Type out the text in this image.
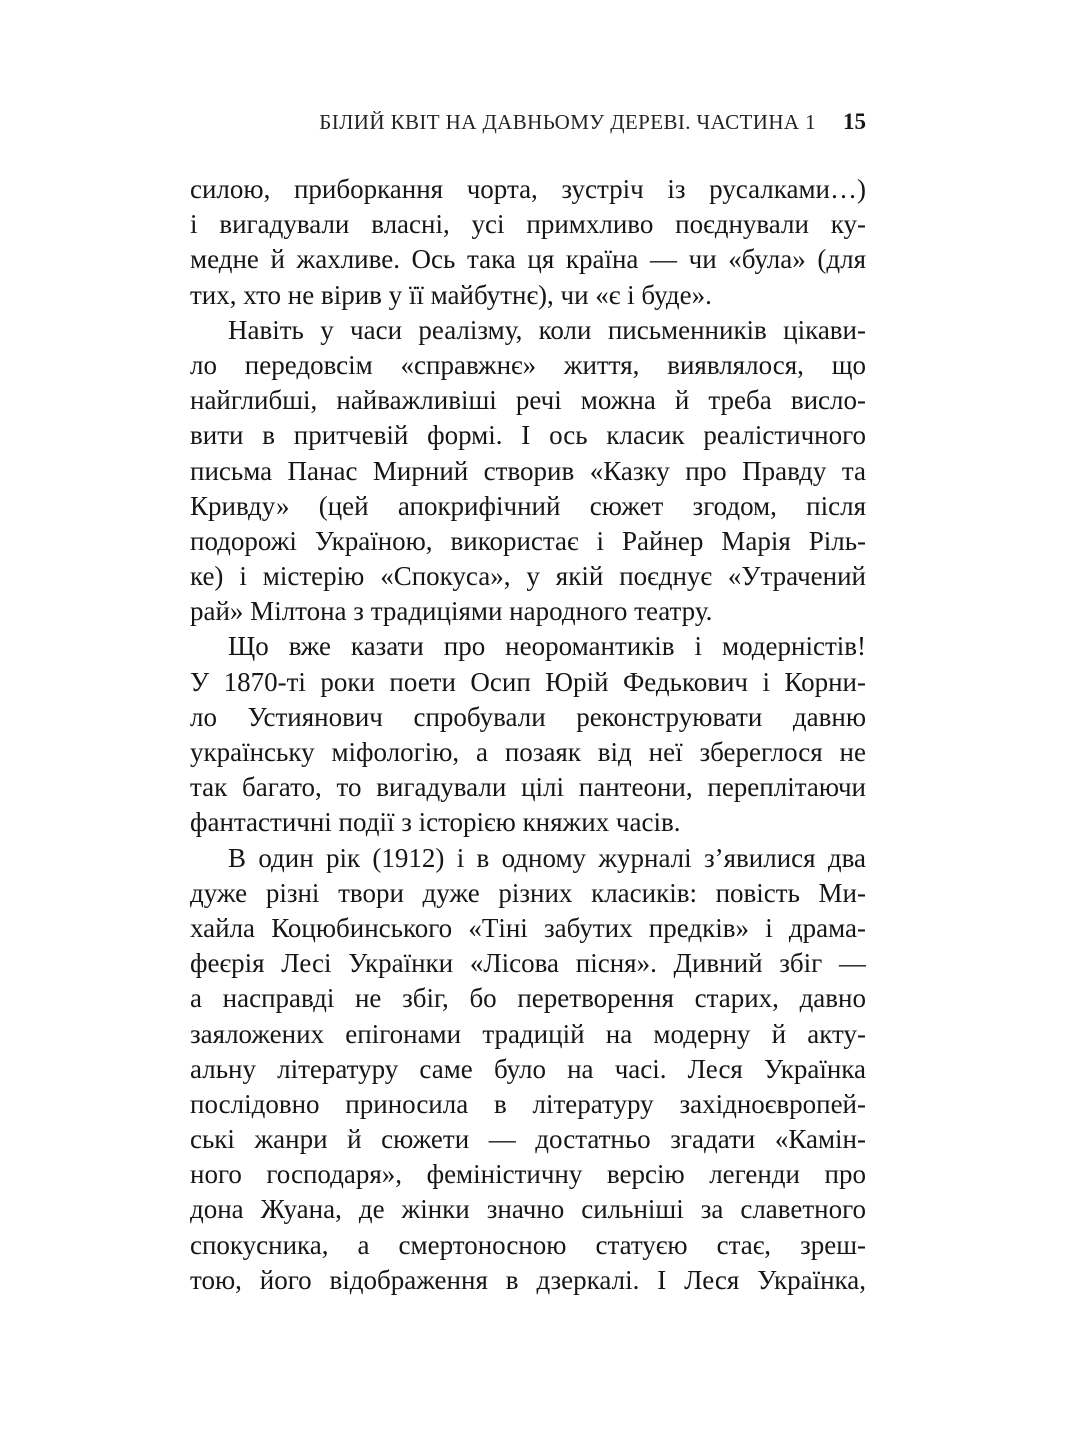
БІЛИЙ КВІТ НА ДАВНЬОМУ ДЕРЕВІ. ЧАСТИНА 1 15
силою, приборкання чорта, зустріч із русалками…)
і вигадували власні, усі примхливо поєднували ку-
медне й жахливе. Ось така ця країна — чи «була» (для
тих, хто не вірив у її майбутнє), чи «є і буде».
Навіть у часи реалізму, коли письменників цікави-
ло передовсім «справжнє» життя, виявлялося, що
найглибші, найважливіші речі можна й треба висло-
вити в притчевій формі. І ось класик реалістичного
письма Панас Мирний створив «Казку про Правду та
Кривду» (цей апокрифічний сюжет згодом, після
подорожі Україною, використає і Райнер Марія Ріль-
ке) і містерію «Спокуса», у якій поєднує «Утрачений
рай» Мілтона з традиціями народного театру.
Що вже казати про неоромантиків і модерністів!
У 1870-ті роки поети Осип Юрій Федькович і Корни-
ло Устиянович спробували реконструювати давню
українську міфологію, а позаяк від неї збереглося не
так багато, то вигадували цілі пантеони, переплітаючи
фантастичні події з історією княжих часів.
В один рік (1912) і в одному журналі з’явилися два
дуже різні твори дуже різних класиків: повість Ми-
хайла Коцюбинського «Тіні забутих предків» і драма-
феєрія Лесі Українки «Лісова пісня». Дивний збіг —
а насправді не збіг, бо перетворення старих, давно
заяложених епігонами традицій на модерну й акту-
альну літературу саме було на часі. Леся Українка
послідовно приносила в літературу західноєвропей-
ські жанри й сюжети — достатньо згадати «Камін-
ного господаря», феміністичну версію легенди про
дона Жуана, де жінки значно сильніші за славетного
спокусника, а смертоносною статуєю стає, зреш-
тою, його відображення в дзеркалі. І Леся Українка,
